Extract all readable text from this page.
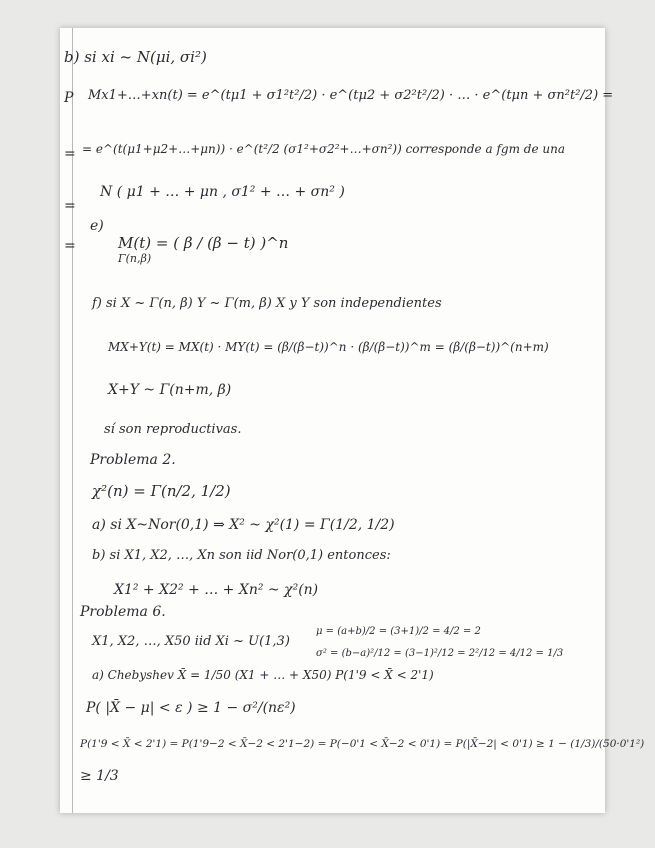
P
=
=
=
b) si xi ~ N(μi, σi²)
Mx1+…+xn(t) = e^(tμ1 + σ1²t²/2) · e^(tμ2 + σ2²t²/2) · … · e^(tμn + σn²t²/2) =
= e^(t(μ1+μ2+…+μn)) · e^(t²/2 (σ1²+σ2²+…+σn²)) corresponde a fgm de una
N ( μ1 + … + μn , σ1² + … + σn² )
e)
M(t) = ( β / (β − t) )^n
Γ(n,β)
f) si X ~ Γ(n, β) Y ~ Γ(m, β) X y Y son independientes
MX+Y(t) = MX(t) · MY(t) = (β/(β−t))^n · (β/(β−t))^m = (β/(β−t))^(n+m)
X+Y ~ Γ(n+m, β)
sí son reproductivas.
Problema 2.
χ²(n) = Γ(n/2, 1/2)
a) si X~Nor(0,1) ⇒ X² ~ χ²(1) = Γ(1/2, 1/2)
b) si X1, X2, …, Xn son iid Nor(0,1) entonces:
X1² + X2² + … + Xn² ~ χ²(n)
Problema 6.
X1, X2, …, X50 iid Xi ~ U(1,3)
μ = (a+b)/2 = (3+1)/2 = 4/2 = 2
σ² = (b−a)²/12 = (3−1)²/12 = 2²/12 = 4/12 = 1/3
a) Chebyshev X̄ = 1/50 (X1 + … + X50) P(1'9 < X̄ < 2'1)
P( |X̄ − μ| < ε ) ≥ 1 − σ²/(nε²)
P(1'9 < X̄ < 2'1) = P(1'9−2 < X̄−2 < 2'1−2) = P(−0'1 < X̄−2 < 0'1) = P(|X̄−2| < 0'1) ≥ 1 − (1/3)/(50·0'1²)
≥ 1/3
